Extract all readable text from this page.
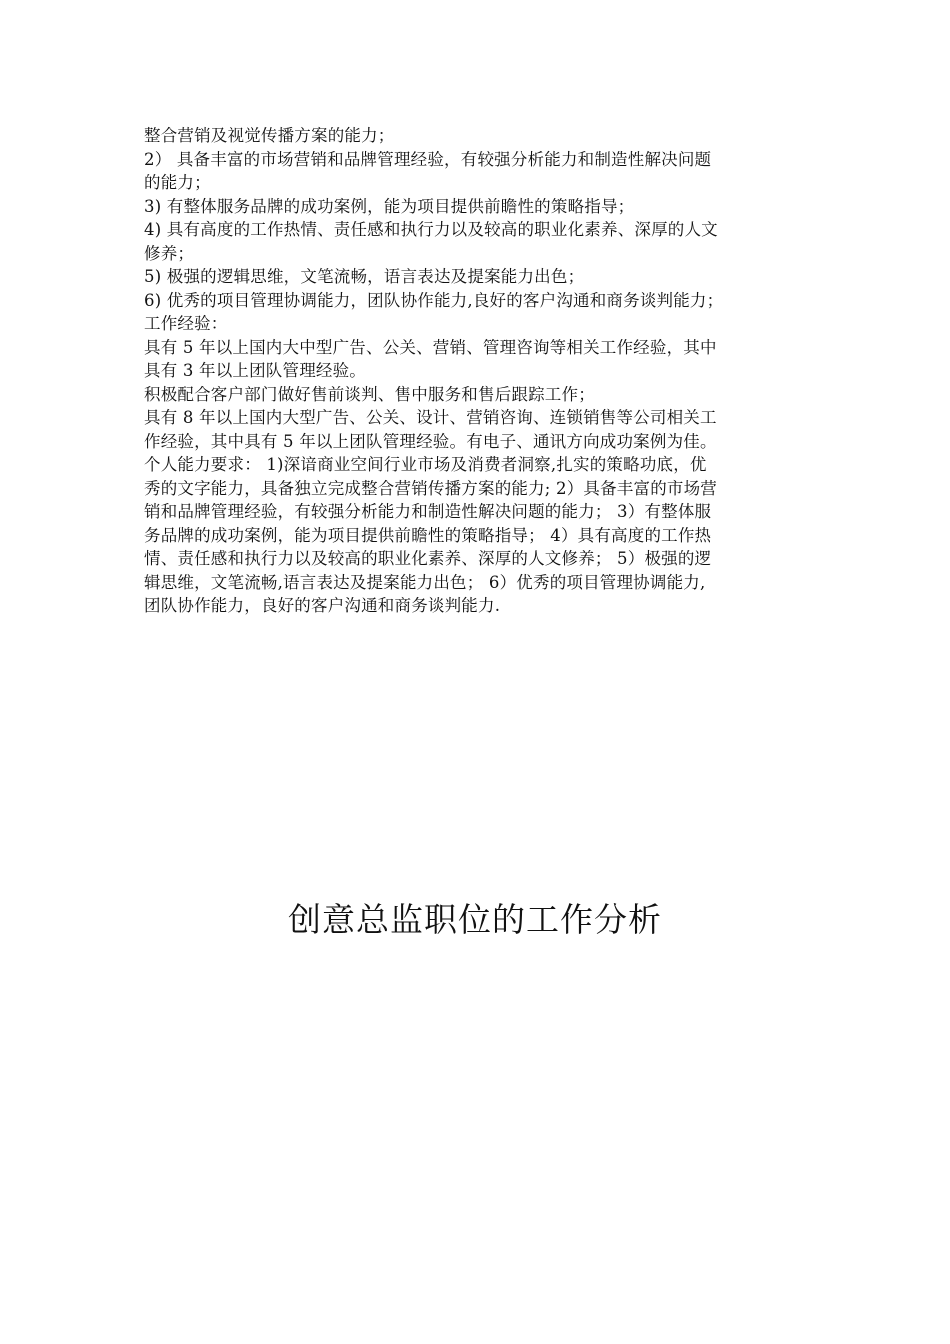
整合营销及视觉传播方案的能力；
2） 具备丰富的市场营销和品牌管理经验，有较强分析能力和制造性解决问题
的能力；
3) 有整体服务品牌的成功案例，能为项目提供前瞻性的策略指导；
4) 具有高度的工作热情、责任感和执行力以及较高的职业化素养、深厚的人文
修养；
5) 极强的逻辑思维，文笔流畅，语言表达及提案能力出色；
6) 优秀的项目管理协调能力，团队协作能力,良好的客户沟通和商务谈判能力；
工作经验：
具有 5 年以上国内大中型广告、公关、营销、管理咨询等相关工作经验，其中
具有 3 年以上团队管理经验。
积极配合客户部门做好售前谈判、售中服务和售后跟踪工作；
具有 8 年以上国内大型广告、公关、设计、营销咨询、连锁销售等公司相关工
作经验，其中具有 5 年以上团队管理经验。有电子、通讯方向成功案例为佳。
个人能力要求： 1)深谙商业空间行业市场及消费者洞察,扎实的策略功底，优
秀的文字能力，具备独立完成整合营销传播方案的能力; 2）具备丰富的市场营
销和品牌管理经验，有较强分析能力和制造性解决问题的能力； 3）有整体服
务品牌的成功案例，能为项目提供前瞻性的策略指导； 4）具有高度的工作热
情、责任感和执行力以及较高的职业化素养、深厚的人文修养； 5）极强的逻
辑思维，文笔流畅,语言表达及提案能力出色； 6）优秀的项目管理协调能力,
团队协作能力，良好的客户沟通和商务谈判能力.
创意总监职位的工作分析
